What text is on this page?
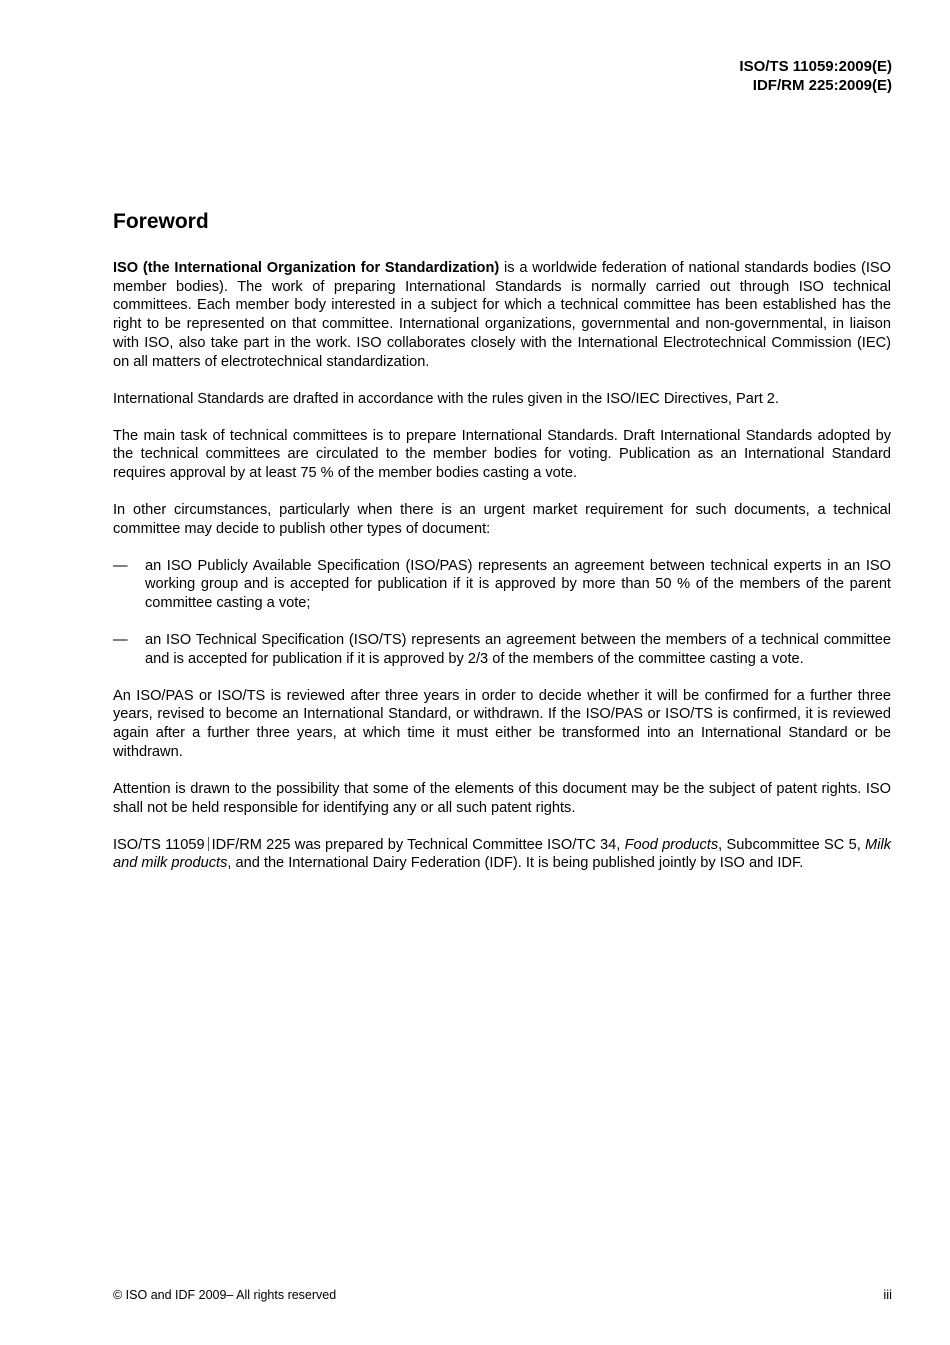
ISO/TS 11059:2009(E)
IDF/RM 225:2009(E)
Foreword

ISO (the International Organization for Standardization) is a worldwide federation of national standards bodies (ISO member bodies). The work of preparing International Standards is normally carried out through ISO technical committees. Each member body interested in a subject for which a technical committee has been established has the right to be represented on that committee. International organizations, governmental and non-governmental, in liaison with ISO, also take part in the work. ISO collaborates closely with the International Electrotechnical Commission (IEC) on all matters of electrotechnical standardization.

International Standards are drafted in accordance with the rules given in the ISO/IEC Directives, Part 2.

The main task of technical committees is to prepare International Standards. Draft International Standards adopted by the technical committees are circulated to the member bodies for voting. Publication as an International Standard requires approval by at least 75 % of the member bodies casting a vote.

In other circumstances, particularly when there is an urgent market requirement for such documents, a technical committee may decide to publish other types of document:

—	an ISO Publicly Available Specification (ISO/PAS) represents an agreement between technical experts in an ISO working group and is accepted for publication if it is approved by more than 50 % of the members of the parent committee casting a vote;
—	an ISO Technical Specification (ISO/TS) represents an agreement between the members of a technical committee and is accepted for publication if it is approved by 2/3 of the members of the committee casting a vote.

An ISO/PAS or ISO/TS is reviewed after three years in order to decide whether it will be confirmed for a further three years, revised to become an International Standard, or withdrawn. If the ISO/PAS or ISO/TS is confirmed, it is reviewed again after a further three years, at which time it must either be transformed into an International Standard or be withdrawn.

Attention is drawn to the possibility that some of the elements of this document may be the subject of patent rights. ISO shall not be held responsible for identifying any or all such patent rights.

ISO/TS 11059 IDF/RM 225 was prepared by Technical Committee ISO/TC 34, Food products, Subcommittee SC 5, Milk and milk products, and the International Dairy Federation (IDF). It is being published jointly by ISO and IDF.

© ISO and IDF 2009– All rights reserved	iii
